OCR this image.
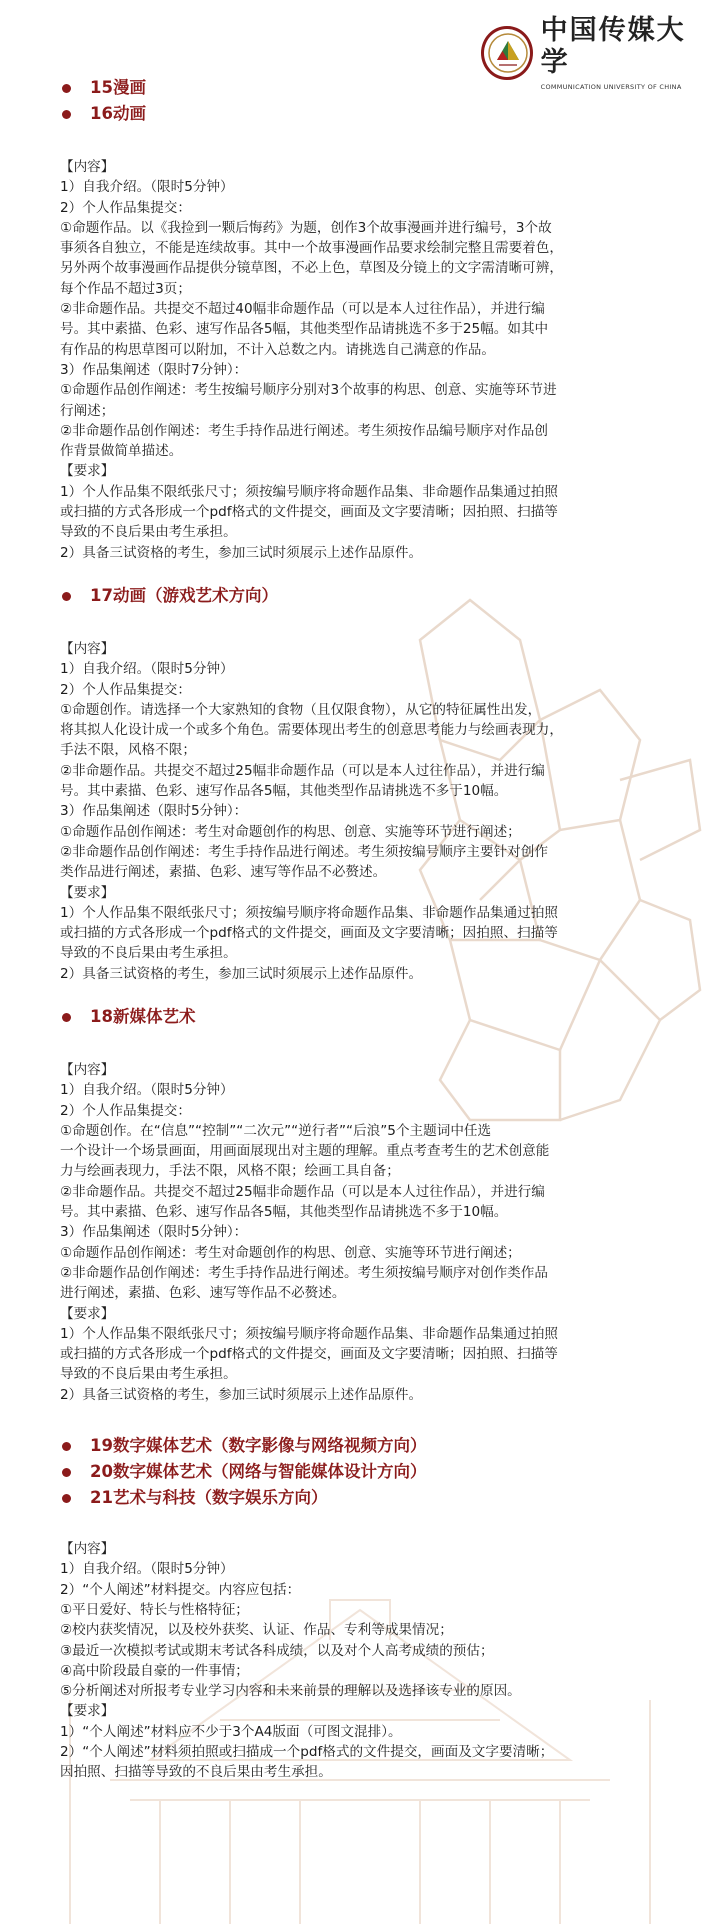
中国传媒大学
COMMUNICATION UNIVERSITY OF CHINA
15漫画
16动画

【内容】

1）自我介绍。（限时5分钟）

2）个人作品集提交：

①命题作品。以《我捡到一颗后悔药》为题，创作3个故事漫画并进行编号，3个故

事须各自独立，不能是连续故事。其中一个故事漫画作品要求绘制完整且需要着色，

另外两个故事漫画作品提供分镜草图，不必上色，草图及分镜上的文字需清晰可辨，

每个作品不超过3页；

②非命题作品。共提交不超过40幅非命题作品（可以是本人过往作品），并进行编

号。其中素描、色彩、速写作品各5幅，其他类型作品请挑选不多于25幅。如其中

有作品的构思草图可以附加，不计入总数之内。请挑选自己满意的作品。

3）作品集阐述（限时7分钟）：

①命题作品创作阐述：考生按编号顺序分别对3个故事的构思、创意、实施等环节进

行阐述；

②非命题作品创作阐述：考生手持作品进行阐述。考生须按作品编号顺序对作品创

作背景做简单描述。

【要求】

1）个人作品集不限纸张尺寸；须按编号顺序将命题作品集、非命题作品集通过拍照

或扫描的方式各形成一个pdf格式的文件提交，画面及文字要清晰；因拍照、扫描等

导致的不良后果由考生承担。

2）具备三试资格的考生，参加三试时须展示上述作品原件。

17动画（游戏艺术方向）

【内容】

1）自我介绍。（限时5分钟）

2）个人作品集提交：

①命题创作。请选择一个大家熟知的食物（且仅限食物），从它的特征属性出发，

将其拟人化设计成一个或多个角色。需要体现出考生的创意思考能力与绘画表现力，

手法不限，风格不限；

②非命题作品。共提交不超过25幅非命题作品（可以是本人过往作品），并进行编

号。其中素描、色彩、速写作品各5幅，其他类型作品请挑选不多于10幅。

3）作品集阐述（限时5分钟）：

①命题作品创作阐述：考生对命题创作的构思、创意、实施等环节进行阐述；

②非命题作品创作阐述：考生手持作品进行阐述。考生须按编号顺序主要针对创作

类作品进行阐述，素描、色彩、速写等作品不必赘述。

【要求】

1）个人作品集不限纸张尺寸；须按编号顺序将命题作品集、非命题作品集通过拍照

或扫描的方式各形成一个pdf格式的文件提交，画面及文字要清晰；因拍照、扫描等

导致的不良后果由考生承担。

2）具备三试资格的考生，参加三试时须展示上述作品原件。

18新媒体艺术

【内容】

1）自我介绍。（限时5分钟）

2）个人作品集提交：

①命题创作。在“信息”“控制”“二次元”“逆行者”“后浪”5个主题词中任选

一个设计一个场景画面，用画面展现出对主题的理解。重点考查考生的艺术创意能

力与绘画表现力，手法不限，风格不限；绘画工具自备；

②非命题作品。共提交不超过25幅非命题作品（可以是本人过往作品），并进行编

号。其中素描、色彩、速写作品各5幅，其他类型作品请挑选不多于10幅。

3）作品集阐述（限时5分钟）：

①命题作品创作阐述：考生对命题创作的构思、创意、实施等环节进行阐述；

②非命题作品创作阐述：考生手持作品进行阐述。考生须按编号顺序对创作类作品

进行阐述，素描、色彩、速写等作品不必赘述。

【要求】

1）个人作品集不限纸张尺寸；须按编号顺序将命题作品集、非命题作品集通过拍照

或扫描的方式各形成一个pdf格式的文件提交，画面及文字要清晰；因拍照、扫描等

导致的不良后果由考生承担。

2）具备三试资格的考生，参加三试时须展示上述作品原件。

19数字媒体艺术（数字影像与网络视频方向）
20数字媒体艺术（网络与智能媒体设计方向）
21艺术与科技（数字娱乐方向）

【内容】

1）自我介绍。（限时5分钟）

2）“个人阐述”材料提交。内容应包括：

①平日爱好、特长与性格特征；

②校内获奖情况，以及校外获奖、认证、作品、专利等成果情况；

③最近一次模拟考试或期末考试各科成绩，以及对个人高考成绩的预估；

④高中阶段最自豪的一件事情；

⑤分析阐述对所报考专业学习内容和未来前景的理解以及选择该专业的原因。

【要求】

1）“个人阐述”材料应不少于3个A4版面（可图文混排）。

2）“个人阐述”材料须拍照或扫描成一个pdf格式的文件提交，画面及文字要清晰；

因拍照、扫描等导致的不良后果由考生承担。
